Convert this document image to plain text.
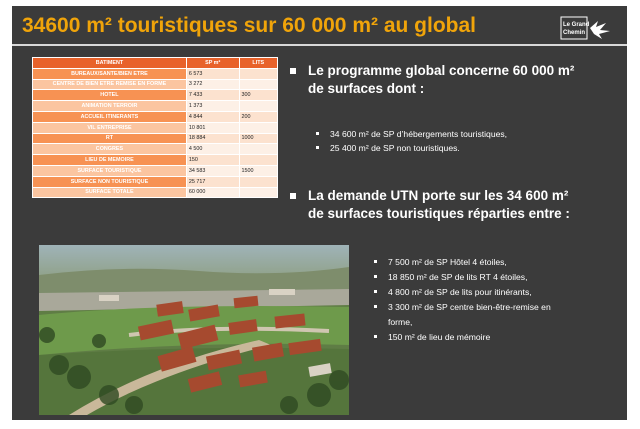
34600 m² touristiques sur 60 000 m² au global	Le Grand
Chemin
BATIMENT	SP m²	LITS
BUREAUX/SANTE/BIEN ETRE	6 573	
CENTRE DE BIEN ETRE REMISE EN FORME	3 272	
HOTEL	7 433	300
ANIMATION TERROIR	1 373	
ACCUEIL ITINERANTS	4 844	200
VIL ENTREPRISE	10 801	
RT	18 884	1000
CONGRES	4 500	
LIEU DE MEMOIRE	150	
SURFACE TOURISTIQUE	34 583	1500
SURFACE NON TOURISTIQUE	25 717	
SURFACE TOTALE	60 000	
Le programme global concerne 60 000 m²
de surfaces dont :
34 600 m² de SP d’hébergements touristiques,
25 400 m² de SP non touristiques.
La demande UTN porte sur les 34 600 m²
de surfaces touristiques réparties entre :
7 500 m² de SP Hôtel 4 étoiles,
18 850 m² de SP de lits RT 4 étoiles,
4 800 m² de SP de lits pour itinérants,
3 300 m² de SP centre bien-être-remise en
forme,
150 m² de lieu de mémoire
